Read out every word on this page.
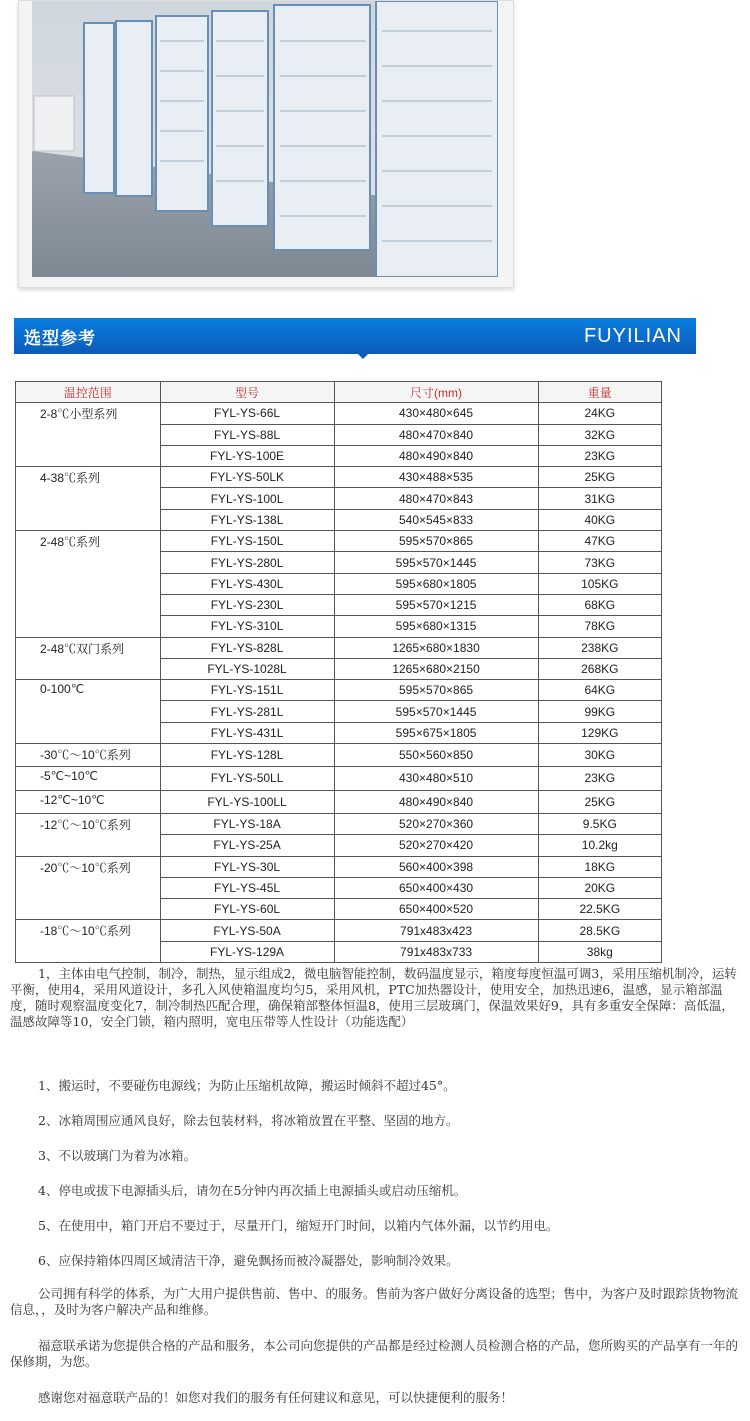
选型参考	FUYILIAN
温控范围	型号	尺寸(mm)	重量
2-8℃小型系列	FYL-YS-66L	430×480×645	24KG
	FYL-YS-88L	480×470×840	32KG
	FYL-YS-100E	480×490×840	23KG
4-38℃系列	FYL-YS-50LK	430×488×535	25KG
	FYL-YS-100L	480×470×843	31KG
	FYL-YS-138L	540×545×833	40KG
2-48℃系列	FYL-YS-150L	595×570×865	47KG
	FYL-YS-280L	595×570×1445	73KG
	FYL-YS-430L	595×680×1805	105KG
	FYL-YS-230L	595×570×1215	68KG
	FYL-YS-310L	595×680×1315	78KG
2-48℃双门系列	FYL-YS-828L	1265×680×1830	238KG
	FYL-YS-1028L	1265×680×2150	268KG
0-100℃	FYL-YS-151L	595×570×865	64KG
	FYL-YS-281L	595×570×1445	99KG
	FYL-YS-431L	595×675×1805	129KG
-30℃～10℃系列	FYL-YS-128L	550×560×850	30KG
-5℃~10℃	FYL-YS-50LL	430×480×510	23KG
-12℃~10℃	FYL-YS-100LL	480×490×840	25KG
-12℃～10℃系列	FYL-YS-18A	520×270×360	9.5KG
	FYL-YS-25A	520×270×420	10.2kg
-20℃～10℃系列	FYL-YS-30L	560×400×398	18KG
	FYL-YS-45L	650×400×430	20KG
	FYL-YS-60L	650×400×520	22.5KG
-18℃～10℃系列	FYL-YS-50A	791x483x423	28.5KG
	FYL-YS-129A	791x483x733	38kg

1，主体由电气控制，制冷，制热，显示组成2，微电脑智能控制，数码温度显示，箱度每度恒温可调3，采用压缩机制冷，运转平衡，使用4，采用风道设计，多孔入风使箱温度均匀5，采用风机，PTC加热器设计，使用安全，加热迅速6，温感，显示箱部温度，随时观察温度变化7，制冷制热匹配合理，确保箱部整体恒温8，使用三层玻璃门，保温效果好9，具有多重安全保障：高低温，温感故障等10，安全门锁，箱内照明，宽电压带等人性设计（功能选配）

1、搬运时，不要碰伤电源线；为防止压缩机故障，搬运时倾斜不超过45°。

2、冰箱周围应通风良好，除去包装材料，将冰箱放置在平整、坚固的地方。

3、不以玻璃门为着为冰箱。

4、停电或拔下电源插头后，请勿在5分钟内再次插上电源插头或启动压缩机。

5、在使用中，箱门开启不要过于，尽量开门，缩短开门时间，以箱内气体外漏，以节约用电。

6、应保持箱体四周区域清洁干净，避免飘扬而被冷凝器处，影响制冷效果。

公司拥有科学的体系，为广大用户提供售前、售中、的服务。售前为客户做好分离设备的选型；售中，为客户及时跟踪货物物流信息，，及时为客户解决产品和维修。

福意联承诺为您提供合格的产品和服务，本公司向您提供的产品都是经过检测人员检测合格的产品，您所购买的产品享有一年的保修期，为您。

感谢您对福意联产品的！如您对我们的服务有任何建议和意见，可以快捷便利的服务！
